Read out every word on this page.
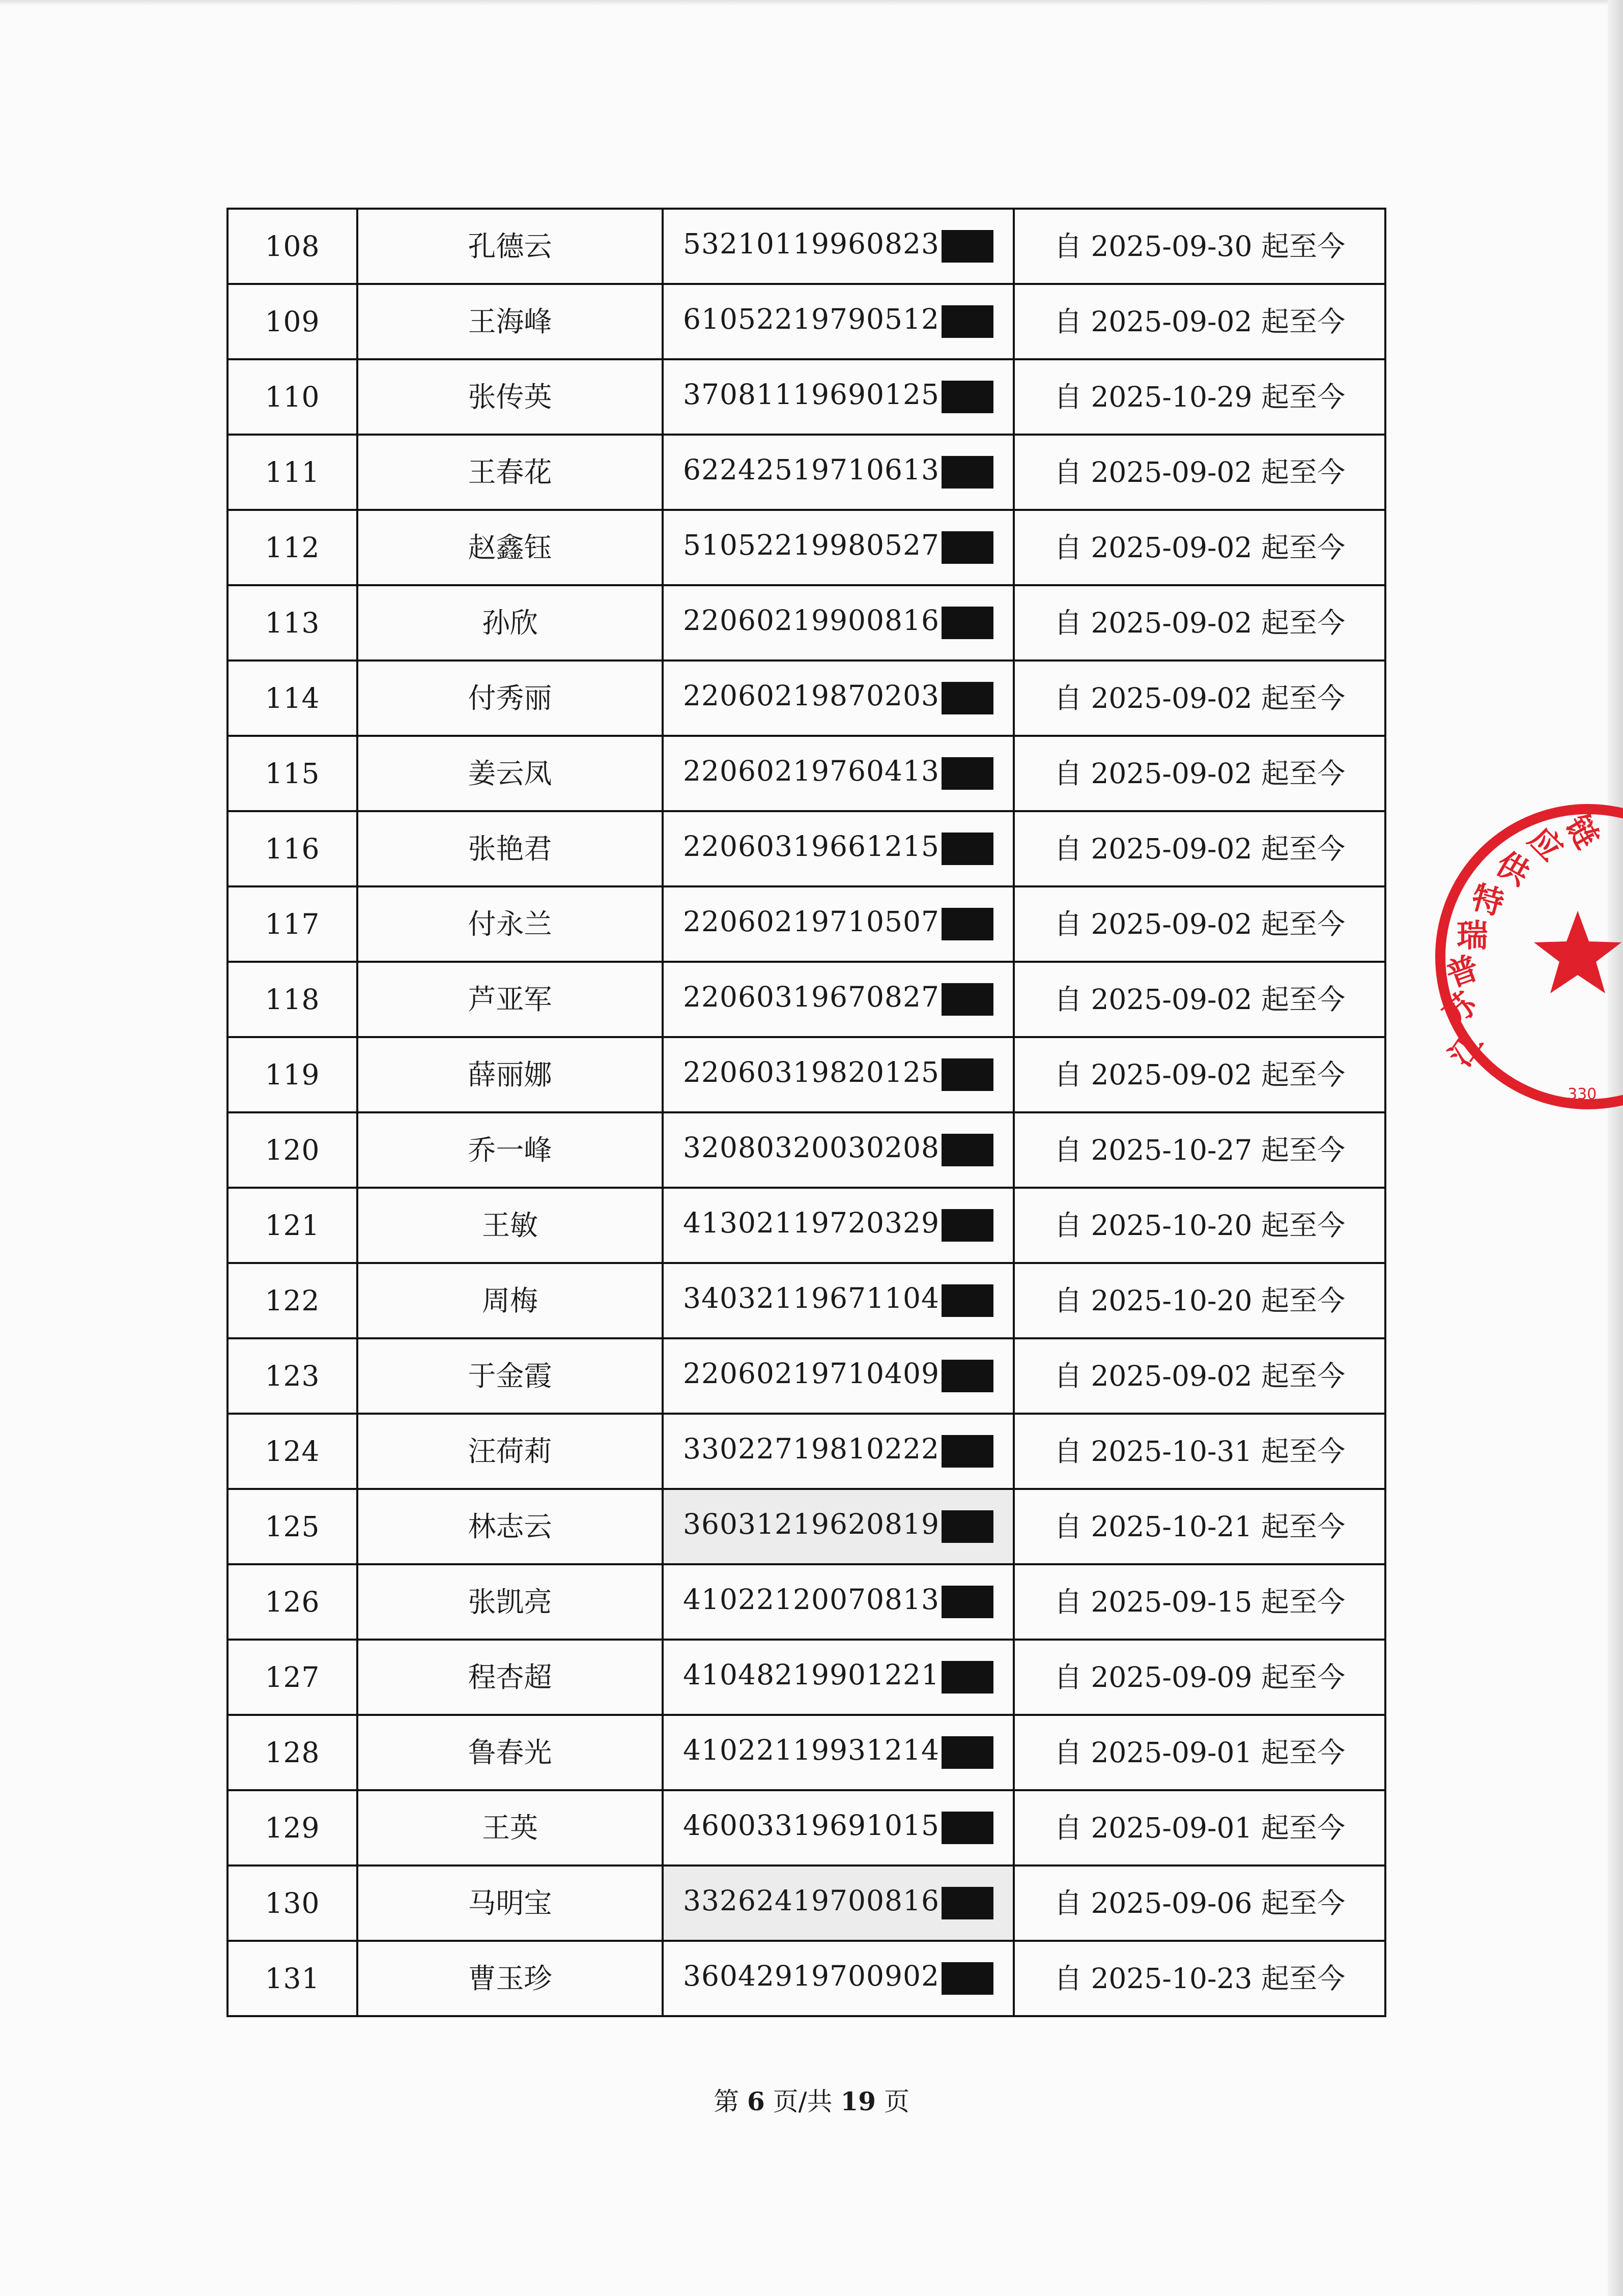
108	孔德云	53210119960823	自 2025-09-30 起至今
109	王海峰	61052219790512	自 2025-09-02 起至今
110	张传英	37081119690125	自 2025-10-29 起至今
111	王春花	62242519710613	自 2025-09-02 起至今
112	赵鑫钰	51052219980527	自 2025-09-02 起至今
113	孙欣	22060219900816	自 2025-09-02 起至今
114	付秀丽	22060219870203	自 2025-09-02 起至今
115	姜云凤	22060219760413	自 2025-09-02 起至今
116	张艳君	22060319661215	自 2025-09-02 起至今
117	付永兰	22060219710507	自 2025-09-02 起至今
118	芦亚军	22060319670827	自 2025-09-02 起至今
119	薛丽娜	22060319820125	自 2025-09-02 起至今
120	乔一峰	32080320030208	自 2025-10-27 起至今
121	王敏	41302119720329	自 2025-10-20 起至今
122	周梅	34032119671104	自 2025-10-20 起至今
123	于金霞	22060219710409	自 2025-09-02 起至今
124	汪荷莉	33022719810222	自 2025-10-31 起至今
125	林志云	36031219620819	自 2025-10-21 起至今
126	张凯亮	41022120070813	自 2025-09-15 起至今
127	程杏超	41048219901221	自 2025-09-09 起至今
128	鲁春光	41022119931214	自 2025-09-01 起至今
129	王英	46003319691015	自 2025-09-01 起至今
130	马明宝	33262419700816	自 2025-09-06 起至今
131	曹玉珍	36042919700902	自 2025-10-23 起至今
第 6 页/共 19 页
江
苏
普
瑞
特
供
应
链
330
